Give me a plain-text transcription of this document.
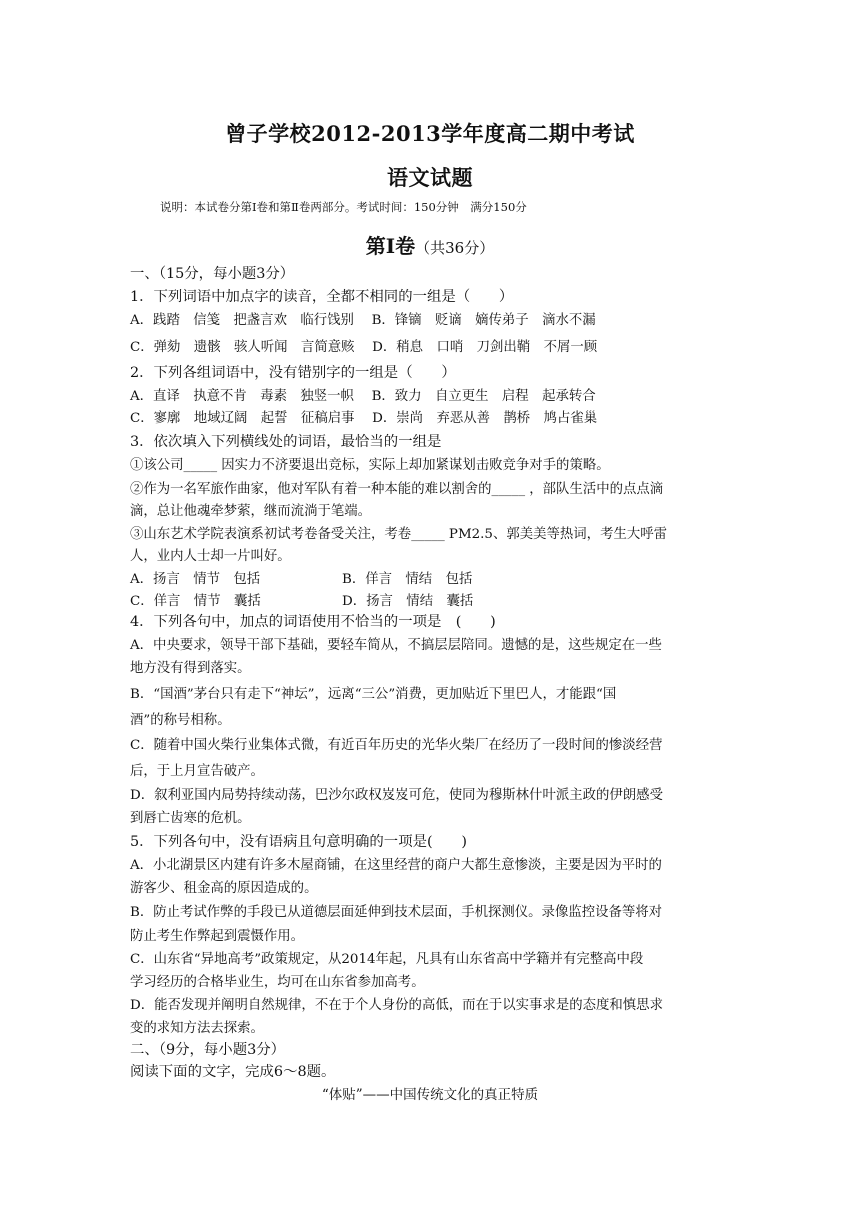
曾子学校2012-2013学年度高二期中考试
语文试题
说明：本试卷分第Ⅰ卷和第Ⅱ卷两部分。考试时间：150分钟　满分150分
第Ⅰ卷（共36分）
一、（15分，每小题3分）
1．下列词语中加点字的读音，全都不相同的一组是（　　）
A．践踏　信笺　把盏言欢　临行饯别　 B．锋镝　贬谪　嫡传弟子　滴水不漏
C．弹劾　遗骸　骇人听闻　言简意赅　 D．稍息　口哨　刀剑出鞘　不屑一顾
2．下列各组词语中，没有错别字的一组是（　　）
A．直译　执意不肯　毒素　独竖一帜　 B．致力　自立更生　启程　起承转合
C．寥廓　地域辽阔　起誓　征稿启事　 D．崇尚　弃恶从善　鹊桥　鸠占雀巢
3．依次填入下列横线处的词语，最恰当的一组是
①该公司_____ 因实力不济要退出竞标，实际上却加紧谋划击败竞争对手的策略。
②作为一名军旅作曲家，他对军队有着一种本能的难以割舍的_____ ，部队生活中的点点滴
滴，总让他魂牵梦萦，继而流淌于笔端。
③山东艺术学院表演系初试考卷备受关注，考卷_____ PM2.5、郭美美等热词，考生大呼雷
人，业内人士却一片叫好。
A．扬言　情节　包括	B．佯言　情结　包括
C．佯言　情节　囊括	D．扬言　情结　囊括
4．下列各句中，加点的词语使用不恰当的一项是　(　　)
A．中央要求，领导干部下基础，要轻车简从，不搞层层陪同。遗憾的是，这些规定在一些
地方没有得到落实。
B．“国酒”茅台只有走下“神坛”，远离“三公”消费，更加贴近下里巴人，才能跟“国
酒”的称号相称。
C．随着中国火柴行业集体式微，有近百年历史的光华火柴厂在经历了一段时间的惨淡经营
后，于上月宣告破产。
D．叙利亚国内局势持续动荡，巴沙尔政权岌岌可危，使同为穆斯林什叶派主政的伊朗感受
到唇亡齿寒的危机。
5．下列各句中，没有语病且句意明确的一项是(　　)
A．小北湖景区内建有许多木屋商铺，在这里经营的商户大都生意惨淡，主要是因为平时的
游客少、租金高的原因造成的。
B．防止考试作弊的手段已从道德层面延伸到技术层面，手机探测仪。录像监控设备等将对
防止考生作弊起到震慑作用。
C．山东省“异地高考”政策规定，从2014年起，凡具有山东省高中学籍并有完整高中段
学习经历的合格毕业生，均可在山东省参加高考。
D．能否发现并阐明自然规律，不在于个人身份的高低，而在于以实事求是的态度和慎思求
变的求知方法去探索。
二、（9分，每小题3分）
阅读下面的文字，完成6～8题。
“体贴”——中国传统文化的真正特质
